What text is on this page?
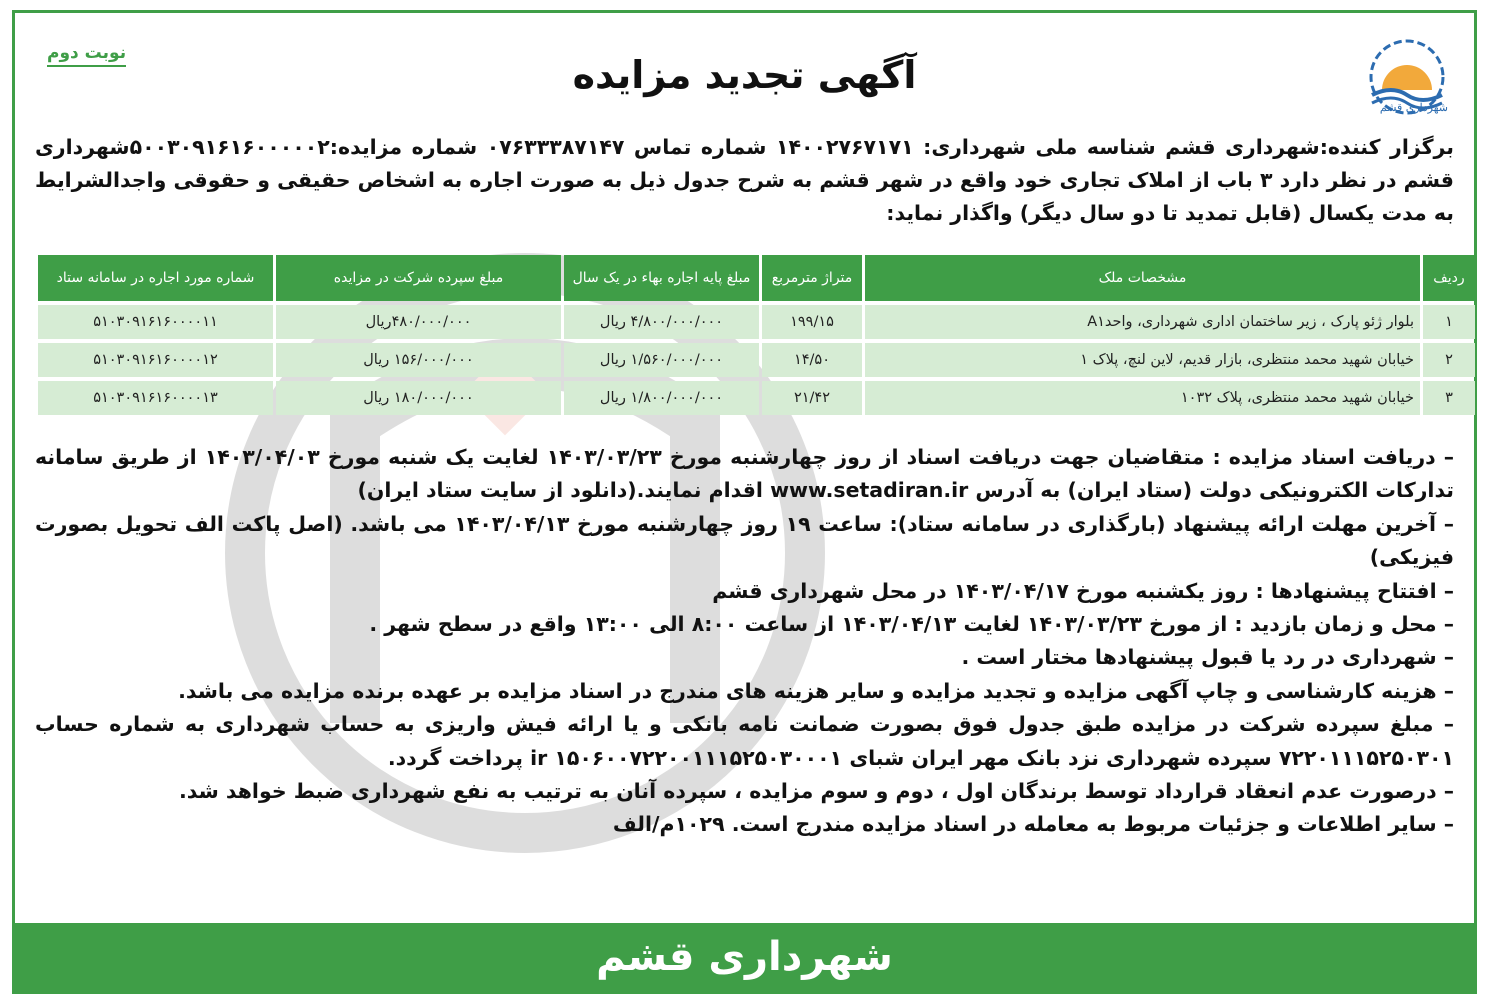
شهرداری قشم
نوبت دوم	آگهی تجدید مزایده
برگزار کننده:شهرداری قشم شناسه ملی شهرداری: ۱۴۰۰۲۷۶۷۱۷۱ شماره تماس ۰۷۶۳۳۳۸۷۱۴۷ شماره مزایده:۵۰۰۳۰۹۱۶۱۶۰۰۰۰۰۲شهرداری قشم در نظر دارد ۳ باب از املاک تجاری خود واقع در شهر قشم به شرح جدول ذیل به صورت اجاره به اشخاص حقیقی و حقوقی واجدالشرایط به مدت یکسال (قابل تمدید تا دو سال دیگر) واگذار نماید:
ردیف	مشخصات ملک	متراژ مترمربع	مبلغ پایه اجاره بهاء در یک سال	مبلغ سپرده شرکت در مزایده	شماره مورد اجاره در سامانه ستاد
۱	بلوار ژئو پارک ، زیر ساختمان اداری شهرداری، واحدA۱	۱۹۹/۱۵	۴/۸۰۰/۰۰۰/۰۰۰ ریال	۴۸۰/۰۰۰/۰۰۰ریال	۵۱۰۳۰۹۱۶۱۶۰۰۰۰۱۱
۲	خیابان شهید محمد منتظری، بازار قدیم، لاین لنچ، پلاک ۱	۱۴/۵۰	۱/۵۶۰/۰۰۰/۰۰۰ ریال	۱۵۶/۰۰۰/۰۰۰ ریال	۵۱۰۳۰۹۱۶۱۶۰۰۰۰۱۲
۳	خیابان شهید محمد منتظری، پلاک ۱۰۳۲	۲۱/۴۲	۱/۸۰۰/۰۰۰/۰۰۰ ریال	۱۸۰/۰۰۰/۰۰۰ ریال	۵۱۰۳۰۹۱۶۱۶۰۰۰۰۱۳
– دریافت اسناد مزایده : متقاضیان جهت دریافت اسناد از روز چهارشنبه مورخ ۱۴۰۳/۰۳/۲۳ لغایت یک شنبه مورخ ۱۴۰۳/۰۴/۰۳ از طریق سامانه تدارکات الکترونیکی دولت (ستاد ایران) به آدرس www.setadiran.ir اقدام نمایند.(دانلود از سایت ستاد ایران)
– آخرین مهلت ارائه پیشنهاد (بارگذاری در سامانه ستاد): ساعت ۱۹ روز چهارشنبه مورخ ۱۴۰۳/۰۴/۱۳ می باشد. (اصل پاکت الف تحویل بصورت فیزیکی)
– افتتاح پیشنهادها : روز یکشنبه مورخ ۱۴۰۳/۰۴/۱۷ در محل شهرداری قشم
– محل و زمان بازدید : از مورخ ۱۴۰۳/۰۳/۲۳ لغایت ۱۴۰۳/۰۴/۱۳ از ساعت ۸:۰۰ الی ۱۳:۰۰ واقع در سطح شهر .
– شهرداری در رد یا قبول پیشنهادها مختار است .
– هزینه کارشناسی و چاپ آگهی مزایده و تجدید مزایده و سایر هزینه های مندرج در اسناد مزایده بر عهده برنده مزایده می باشد.
– مبلغ سپرده شرکت در مزایده طبق جدول فوق بصورت ضمانت نامه بانکی و یا ارائه فیش واریزی به حساب شهرداری به شماره حساب ۷۲۲۰۱۱۱۵۲۵۰۳۰۱ سپرده شهرداری نزد بانک مهر ایران شبای ir ۱۵۰۶۰۰۷۲۲۰۰۱۱۱۵۲۵۰۳۰۰۰۱ پرداخت گردد.
– درصورت عدم انعقاد قرارداد توسط برندگان اول ، دوم و سوم مزایده ، سپرده آنان به ترتیب به نفع شهرداری ضبط خواهد شد.
– سایر اطلاعات و جزئیات مربوط به معامله در اسناد مزایده مندرج است. ۱۰۲۹م/الف
شهرداری قشم
